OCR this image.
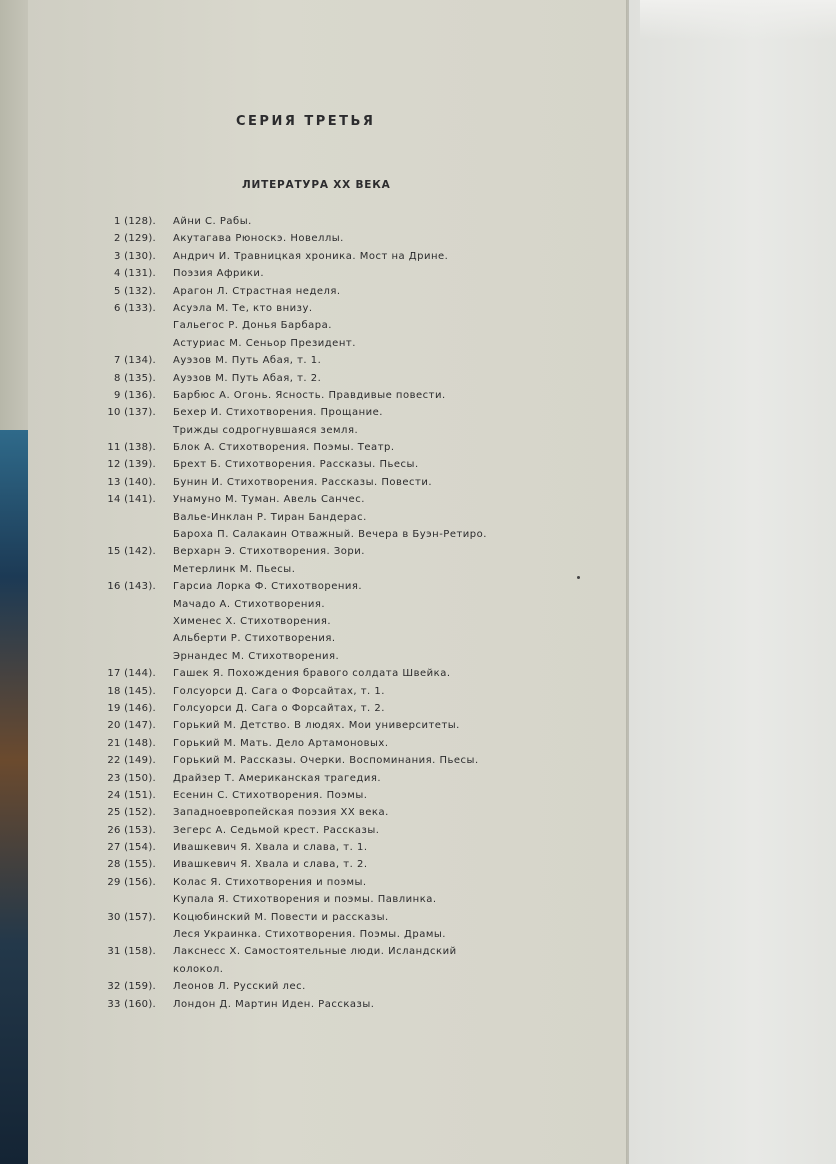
СЕРИЯ ТРЕТЬЯ
ЛИТЕРАТУРА XX ВЕКА
1 (128). Айни С. Рабы.
2 (129). Акутагава Рюноскэ. Новеллы.
3 (130). Андрич И. Травницкая хроника. Мост на Дрине.
4 (131). Поэзия Африки.
5 (132). Арагон Л. Страстная неделя.
6 (133). Асуэла М. Те, кто внизу.
Гальегос Р. Донья Барбара.
Астуриас М. Сеньор Президент.
7 (134). Ауэзов М. Путь Абая, т. 1.
8 (135). Ауэзов М. Путь Абая, т. 2.
9 (136). Барбюс А. Огонь. Ясность. Правдивые повести.
10 (137). Бехер И. Стихотворения. Прощание.
Трижды содрогнувшаяся земля.
11 (138). Блок А. Стихотворения. Поэмы. Театр.
12 (139). Брехт Б. Стихотворения. Рассказы. Пьесы.
13 (140). Бунин И. Стихотворения. Рассказы. Повести.
14 (141). Унамуно М. Туман. Авель Санчес.
Валье-Инклан Р. Тиран Бандерас.
Бароха П. Салакаин Отважный. Вечера в Буэн-Ретиро.
15 (142). Верхарн Э. Стихотворения. Зори.
Метерлинк М. Пьесы.
16 (143). Гарсиа Лорка Ф. Стихотворения.
Мачадо А. Стихотворения.
Хименес Х. Стихотворения.
Альберти Р. Стихотворения.
Эрнандес М. Стихотворения.
17 (144). Гашек Я. Похождения бравого солдата Швейка.
18 (145). Голсуорси Д. Сага о Форсайтах, т. 1.
19 (146). Голсуорси Д. Сага о Форсайтах, т. 2.
20 (147). Горький М. Детство. В людях. Мои университеты.
21 (148). Горький М. Мать. Дело Артамоновых.
22 (149). Горький М. Рассказы. Очерки. Воспоминания. Пьесы.
23 (150). Драйзер Т. Американская трагедия.
24 (151). Есенин С. Стихотворения. Поэмы.
25 (152). Западноевропейская поэзия XX века.
26 (153). Зегерс А. Седьмой крест. Рассказы.
27 (154). Ивашкевич Я. Хвала и слава, т. 1.
28 (155). Ивашкевич Я. Хвала и слава, т. 2.
29 (156). Колас Я. Стихотворения и поэмы.
Купала Я. Стихотворения и поэмы. Павлинка.
30 (157). Коцюбинский М. Повести и рассказы.
Леся Украинка. Стихотворения. Поэмы. Драмы.
31 (158). Лакснесс Х. Самостоятельные люди. Исландский
колокол.
32 (159). Леонов Л. Русский лес.
33 (160). Лондон Д. Мартин Иден. Рассказы.
